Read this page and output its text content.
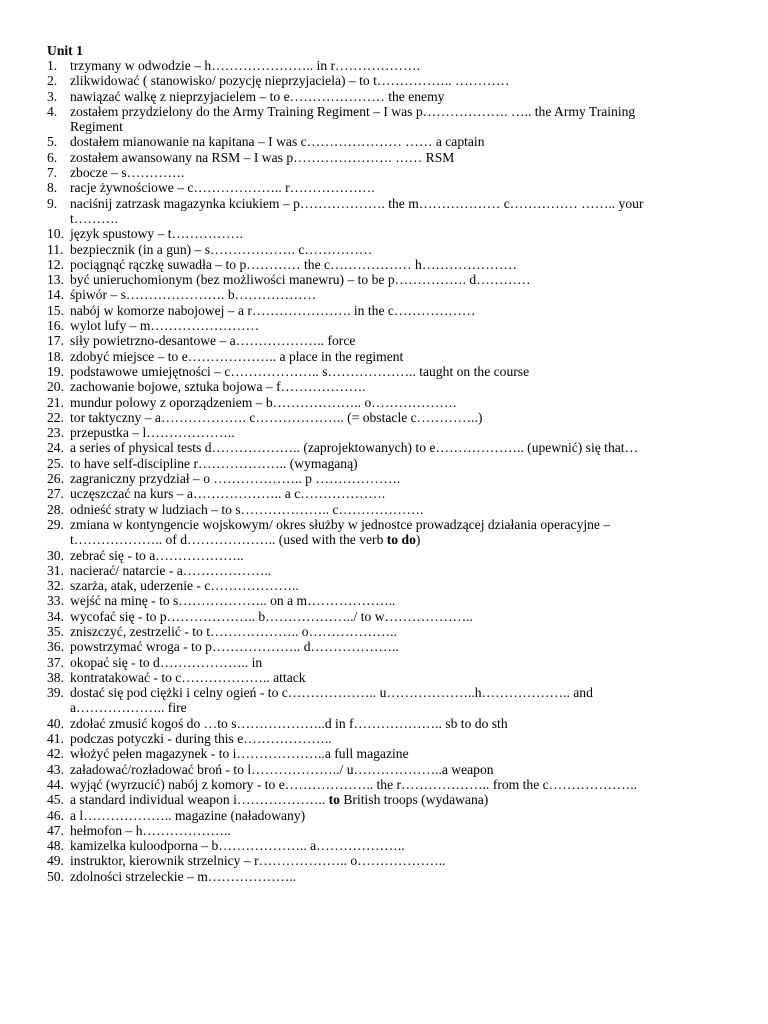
Unit 1
1. trzymany w odwodzie – h………………….. in r……………….
2. zlikwidować ( stanowisko/ pozycję nieprzyjaciela) – to t…………….. …………
3. nawiązać walkę z nieprzyjacielem – to e………………… the enemy
4. zostałem przydzielony do the Army Training Regiment – I was p………………. ….. the Army Training Regiment
5. dostałem mianowanie na kapitana – I was c………………… …… a captain
6. zostałem awansowany na RSM – I was p…………………. …… RSM
7. zbocze – s………….
8. racje żywnościowe – c……………….. r……………….
9. naciśnij zatrzask magazynka kciukiem – p………………. the m……………… c…………… …….. your t……….
10. język spustowy – t…………….
11. bezpiecznik (in a gun) – s………………. c……………
12. pociągnąć rączkę suwadła – to p………… the c……………… h…………………
13. być unieruchomionym (bez możliwości manewru) – to be p……………. d…………
14. śpiwór – s…………………. b………………
15. nabój w komorze nabojowej – a r…………………. in the c………………
16. wylot lufy – m……………………
17. siły powietrzno-desantowe – a……………….. force
18. zdobyć miejsce – to e……………….. a place in the regiment
19. podstawowe umiejętności – c……………….. s……………….. taught on the course
20. zachowanie bojowe, sztuka bojowa – f……………….
21. mundur polowy z oporządzeniem – b……………….. o……………….
22. tor taktyczny – a………………. c……………….. (= obstacle c…………..)
23. przepustka – l………………..
24. a series of physical tests d……………….. (zaprojektowanych) to e……………….. (upewnić) się that…
25. to have self-discipline r……………….. (wymaganą)
26. zagraniczny przydział – o ……………….. p ……………….
27. uczęszczać na kurs – a……………….. a c……………….
28. odnieść straty w ludziach – to s……………….. c……………….
29. zmiana w kontyngencie wojskowym/ okres służby w jednostce prowadzącej działania operacyjne – t……………….. of d……………….. (used with the verb to do)
30. zebrać się - to a………………..
31. nacierać/ natarcie - a………………..
32. szarża, atak, uderzenie - c………………..
33. wejść na minę - to s……………….. on a m………………..
34. wycofać się - to p……………….. b………………../ to w………………..
35. zniszczyć, zestrzelić - to t……………….. o………………..
36. powstrzymać wroga - to p……………….. d………………..
37. okopać się - to d……………….. in
38. kontratakować - to c……………….. attack
39. dostać się pod ciężki i celny ogień - to c……………….. u………………..h……………….. and a……………….. fire
40. zdołać zmusić kogoś do …to s………………..d in f……………….. sb to do sth
41. podczas potyczki - during this e………………..
42. włożyć pełen magazynek - to i………………..a full magazine
43. załadować/rozładować broń - to l………………../ u………………..a weapon
44. wyjąć (wyrzucić) nabój z komory - to e……………….. the r……………….. from the c………………..
45. a standard individual weapon i……………….. to British troops (wydawana)
46. a l……………….. magazine (naładowany)
47. hełmofon – h………………..
48. kamizelka kuloodporna – b……………….. a………………..
49. instruktor, kierownik strzelnicy – r……………….. o………………..
50. zdolności strzeleckie – m………………..
